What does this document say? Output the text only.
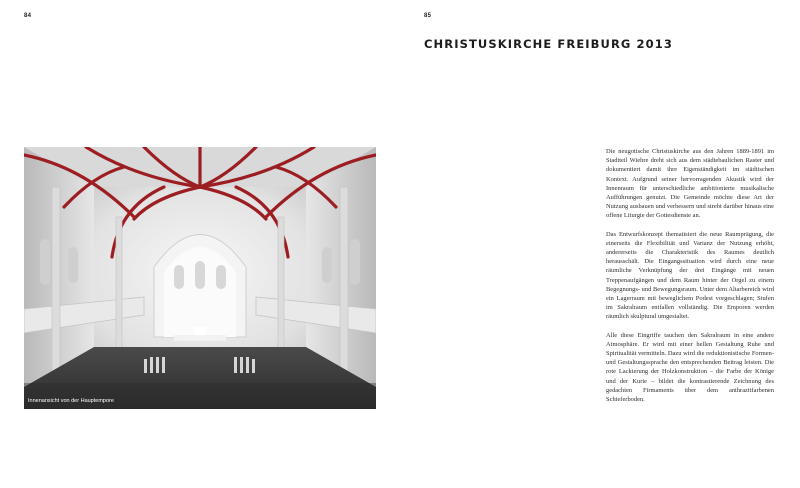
84
Innenansicht von der Hauptempore
85
CHRISTUSKIRCHE FREIBURG 2013

Die neugotische Christuskirche aus den Jahren 1889-1891 im Stadtteil Wiehre dreht sich aus dem städtebaulichen Raster und dokumentiert damit ihre Eigenständigkeit im städtischen Kontext. Aufgrund seiner hervorragenden Akustik wird der Innenraum für unterschiedliche ambitionierte musikalische Aufführungen genutzt. Die Gemeinde möchte diese Art der Nutzung ausbauen und verbessern und strebt darüber hinaus eine offene Liturgie der Gottesdienste an.

Das Entwurfskonzept thematisiert die neue Raumprägung, die einerseits die Flexibilität und Varianz der Nutzung erhöht, andererseits die Charakteristik des Raumes deutlich herausschält. Die Eingangssituation wird durch eine neue räumliche Verknüpfung der drei Eingänge mit neuen Treppenaufgängen und dem Raum hinter der Orgel zu einem Begegnungs- und Bewegungsraum. Unter dem Altarbereich wird ein Lagerraum mit beweglichem Podest vorgeschlagen; Stufen im Sakralraum entfallen vollständig. Die Emporen werden räumlich skulptural umgestaltet.

Alle diese Eingriffe tauchen den Sakralraum in eine andere Atmosphäre. Er wird mit einer hellen Gestaltung Ruhe und Spiritualität vermitteln. Dazu wird die reduktionistische Formen- und Gestaltungssprache den entsprechenden Beitrag leisten. Die rote Lackierung der Holzkonstruktion – die Farbe der Könige und der Kurie – bildet die kontrastierende Zeichnung des gedachten Firmaments über dem anthrazitfarbenen Schieferboden.
